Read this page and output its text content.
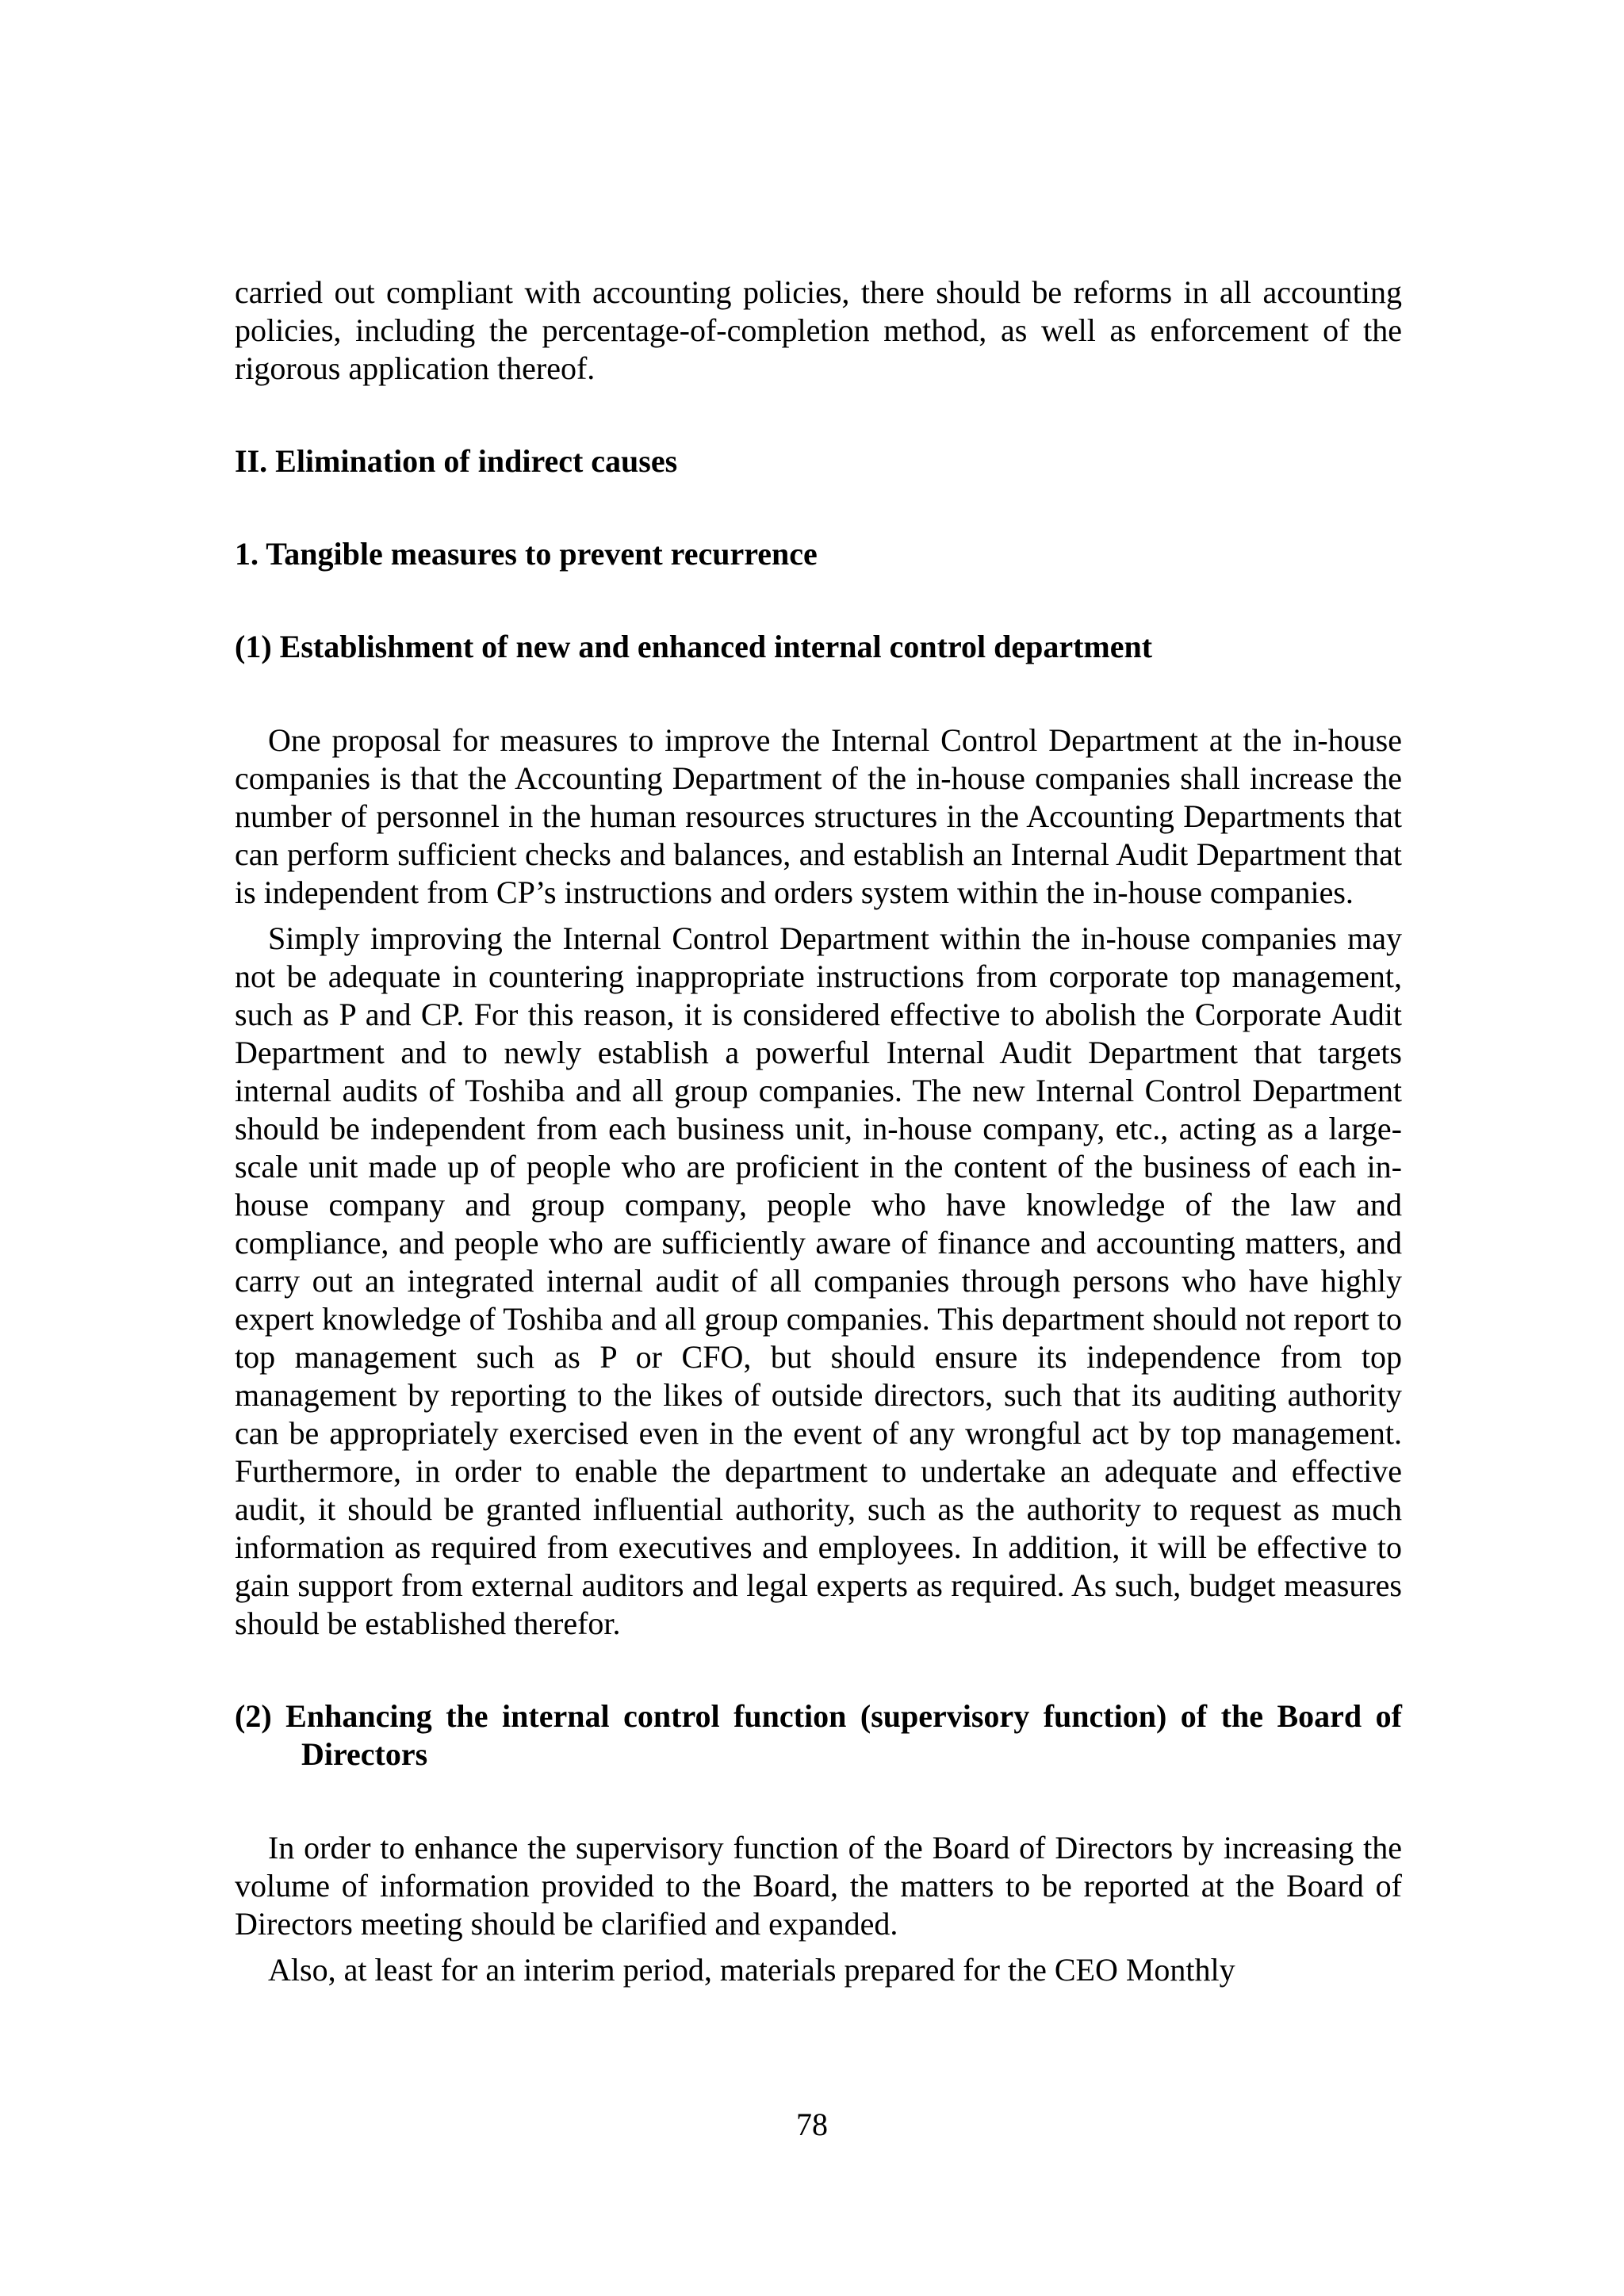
carried out compliant with accounting policies, there should be reforms in all accounting policies, including the percentage-of-completion method, as well as enforcement of the rigorous application thereof.

II. Elimination of indirect causes

1. Tangible measures to prevent recurrence

(1) Establishment of new and enhanced internal control department

One proposal for measures to improve the Internal Control Department at the in-house companies is that the Accounting Department of the in-house companies shall increase the number of personnel in the human resources structures in the Accounting Departments that can perform sufficient checks and balances, and establish an Internal Audit Department that is independent from CP’s instructions and orders system within the in-house companies.

Simply improving the Internal Control Department within the in-house companies may not be adequate in countering inappropriate instructions from corporate top management, such as P and CP. For this reason, it is considered effective to abolish the Corporate Audit Department and to newly establish a powerful Internal Audit Department that targets internal audits of Toshiba and all group companies. The new Internal Control Department should be independent from each business unit, in-house company, etc., acting as a large-scale unit made up of people who are proficient in the content of the business of each in-house company and group company, people who have knowledge of the law and compliance, and people who are sufficiently aware of finance and accounting matters, and carry out an integrated internal audit of all companies through persons who have highly expert knowledge of Toshiba and all group companies. This department should not report to top management such as P or CFO, but should ensure its independence from top management by reporting to the likes of outside directors, such that its auditing authority can be appropriately exercised even in the event of any wrongful act by top management. Furthermore, in order to enable the department to undertake an adequate and effective audit, it should be granted influential authority, such as the authority to request as much information as required from executives and employees. In addition, it will be effective to gain support from external auditors and legal experts as required. As such, budget measures should be established therefor.

(2) Enhancing the internal control function (supervisory function) of the Board of Directors

In order to enhance the supervisory function of the Board of Directors by increasing the volume of information provided to the Board, the matters to be reported at the Board of Directors meeting should be clarified and expanded.

Also, at least for an interim period, materials prepared for the CEO Monthly

78
